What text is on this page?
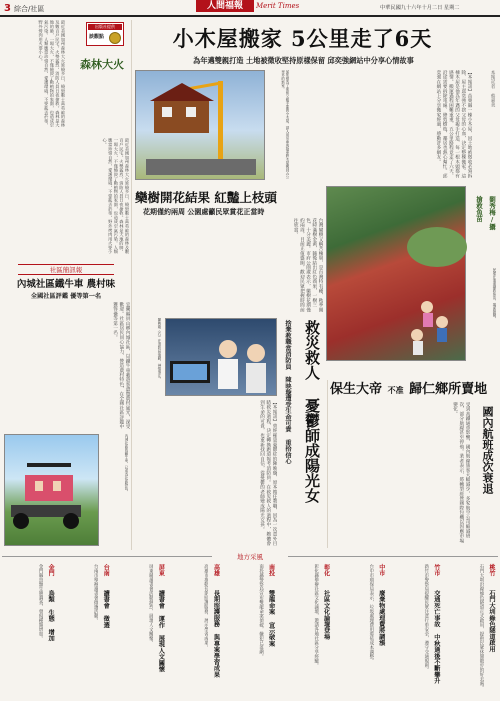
3 綜合/社區	人間福報	Merit Times	中華民國九十六年十月二日 星期二
最近美國加州森林大火延燒多日，燒毀數十萬英畝的森林及數百戶民宅。火勢猛烈，消防人員日夜搶救。森林是大地的肺，一場大火，不僅燒毀了動植物的家園，也造成空氣污染。人類應當珍惜自然，愛護環境，不要亂丟菸蒂，野外烤肉用火要小心。	出版社提供
談觀點
森林大火
最近美國加州森林大火延燒多日，燒毀數十萬英畝的森林及數百戶民宅。火勢猛烈，消防人員日夜搶救。森林是大地的肺，一場大火，不僅燒毀了動植物的家園，也造成空氣污染。人類應當珍惜自然，愛護環境，不要亂丟菸蒂，野外烤肉用火要小心。
小木屋搬家 5公里走了6天
為年邁雙親打造 土地被徵收堅持原樣保留 邱奕強網站中分享心情故事
邱奕強為了保留父親手蓋的小木屋，請人用吊車與拖車將木屋搬到五公里外的新家。	【本報訊】苗栗縣一棟小木屋，因土地被徵收必須拆除，屋主邱奕強不捨父母的心血，決定整棟搬家。這棟木屋是他為年邁的父母親手打造，每一根木頭都有感情。搬運過程困難重重，五公里路程竟走了六天，沿途需要拆除電線、修剪樹枝，鄰居也熱心幫忙。邱奕強在網站上分享搬家經過，感動許多網友。	本報記者 蔡嘉美
欒樹開花結果 紅豔上枝頭
花期僅約兩周 公園處籲民眾賞花正當時
台灣欒樹又稱苦楝舅，是台灣特有種，秋季開花時滿樹金黃，隨後結出紅色蒴果，一樹三色，十分美麗。市府公園處表示，欒樹花期僅約兩周，目前正值盛開，歡迎民眾把握時間前往欣賞。
搶救魚苗 劉秀梅/攝
民眾在池邊搶救魚苗，場面熱鬧。
陳映璇（右）在消防局值勤，神情專注。	救災救人 憂鬱師成陽光女
捨棄教職當消防員 陳映璇遭受生命可貴 重拾信心
【本報訊】曾經罹患憂鬱症的陳映璇，原本擔任教職，因為一次意外目睹救災過程，決定轉換跑道報考消防員。在救災救人的過程中，她體會到生命的可貴，也重新找回自信，從憂鬱的老師變成陽光女孩。
保生大帝 不准 歸仁鄉所賣地
受到高鐵通車影響，國內航線旅客大幅減少，多家航空公司縮減班次，部分航線甚至停飛。業者表示，將轉型經營國際包機以因應市場變化。	國內航班成次衰退
社區簡訊報
內城社區鐵牛車 農村味
全國社區評鑑 優等第一名
宜蘭縣員山鄉內城社區，以鐵牛車載遊客遊覽農村風光，深受歡迎。社區居民同心協力，營造農村特色，在全國社區評鑑中獲得優等第一名。
內城社區的鐵牛車，已成為社區特色。
地方采風
桃竹
石門大圳綠色隧道啟用
石門大圳沿線綠色隧道正式啟用，提供民眾休閒散步的好去處。
竹市
交通死亡事故 中秋過後不斷攀升
新竹市警察局提醒民眾注意行車安全，遵守交通規則。
中市
廢棄物處理費將調漲
台中市環保局表示，垃圾處理費用將依成本調整。
彰化
社區文化論壇登場
彰化縣舉辦社區文化論壇，邀請各地社區分享經驗。
南投
雙龍命案 宣示破案
南投縣警察局宣布雙龍命案偵破，嫌犯已落網。
高雄
長期照護服務 與專案學習成果
高雄市推動長期照護服務，展示學習成果。
屏東
讀書會 運作 展現人文關懷
屏東縣讀書會活動熱烈，展現人文關懷。
台南
讀書會 徵選
台南市舉辦讀書會徵選活動。
金門
鳥類 生態 增加
金門縣鳥類生態調查，發現種類增加。
